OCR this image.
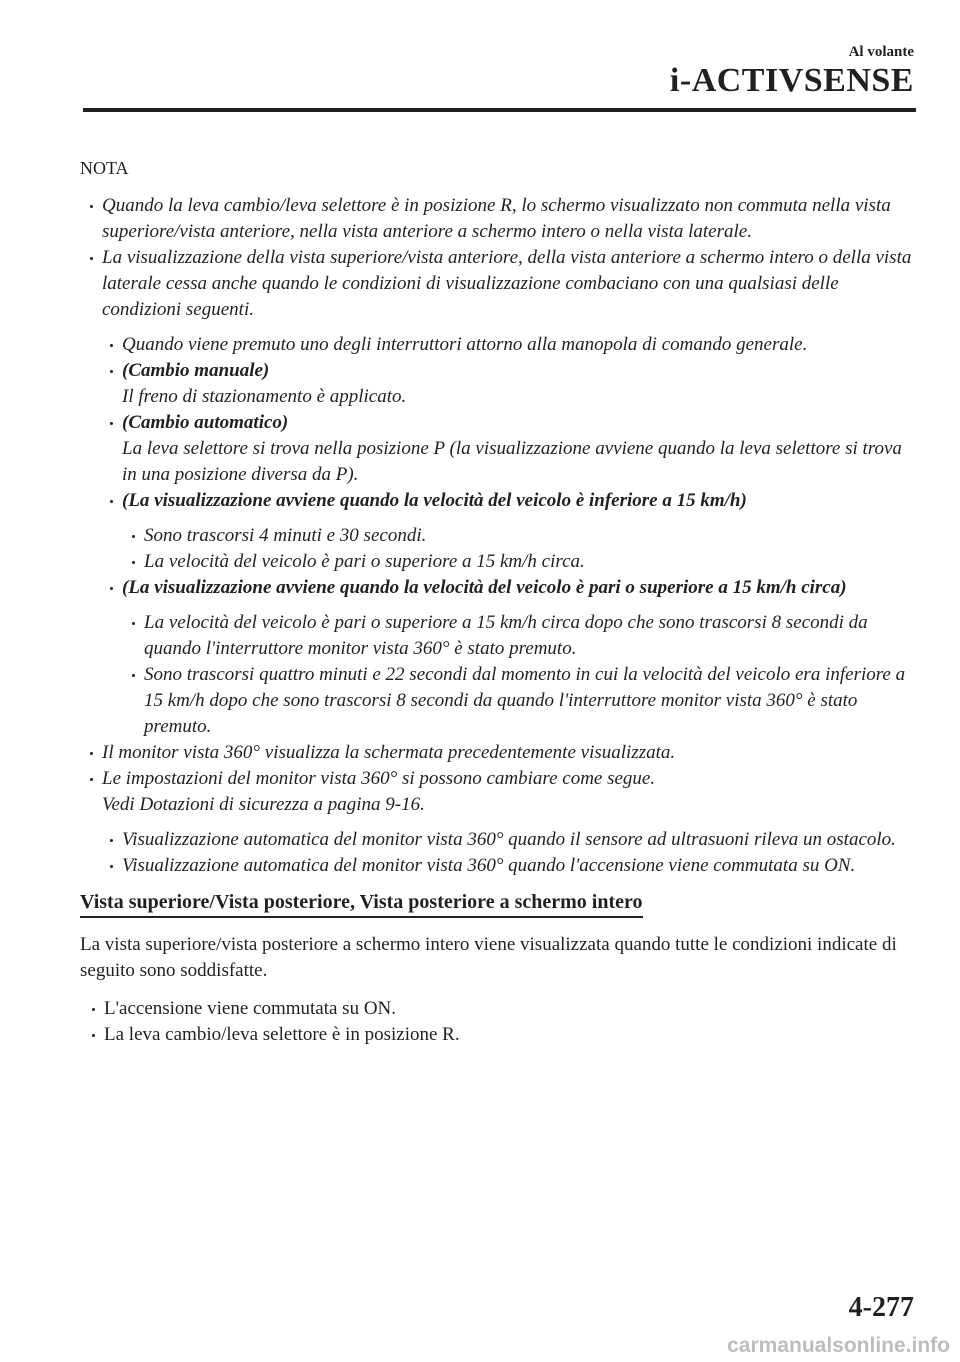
Al volante
i-ACTIVSENSE
NOTA
Quando la leva cambio/leva selettore è in posizione R, lo schermo visualizzato non commuta nella vista superiore/vista anteriore, nella vista anteriore a schermo intero o nella vista laterale.
La visualizzazione della vista superiore/vista anteriore, della vista anteriore a schermo intero o della vista laterale cessa anche quando le condizioni di visualizzazione combaciano con una qualsiasi delle condizioni seguenti.
Quando viene premuto uno degli interruttori attorno alla manopola di comando generale.
(Cambio manuale)
Il freno di stazionamento è applicato.
(Cambio automatico)
La leva selettore si trova nella posizione P (la visualizzazione avviene quando la leva selettore si trova in una posizione diversa da P).
(La visualizzazione avviene quando la velocità del veicolo è inferiore a 15 km/h)
Sono trascorsi 4 minuti e 30 secondi.
La velocità del veicolo è pari o superiore a 15 km/h circa.
(La visualizzazione avviene quando la velocità del veicolo è pari o superiore a 15 km/h circa)
La velocità del veicolo è pari o superiore a 15 km/h circa dopo che sono trascorsi 8 secondi da quando l'interruttore monitor vista 360° è stato premuto.
Sono trascorsi quattro minuti e 22 secondi dal momento in cui la velocità del veicolo era inferiore a 15 km/h dopo che sono trascorsi 8 secondi da quando l'interruttore monitor vista 360° è stato premuto.
Il monitor vista 360° visualizza la schermata precedentemente visualizzata.
Le impostazioni del monitor vista 360° si possono cambiare come segue.
Vedi Dotazioni di sicurezza a pagina 9-16.
Visualizzazione automatica del monitor vista 360° quando il sensore ad ultrasuoni rileva un ostacolo.
Visualizzazione automatica del monitor vista 360° quando l'accensione viene commutata su ON.
Vista superiore/Vista posteriore, Vista posteriore a schermo intero
La vista superiore/vista posteriore a schermo intero viene visualizzata quando tutte le condizioni indicate di seguito sono soddisfatte.
L'accensione viene commutata su ON.
La leva cambio/leva selettore è in posizione R.
4-277
carmanualsonline.info
